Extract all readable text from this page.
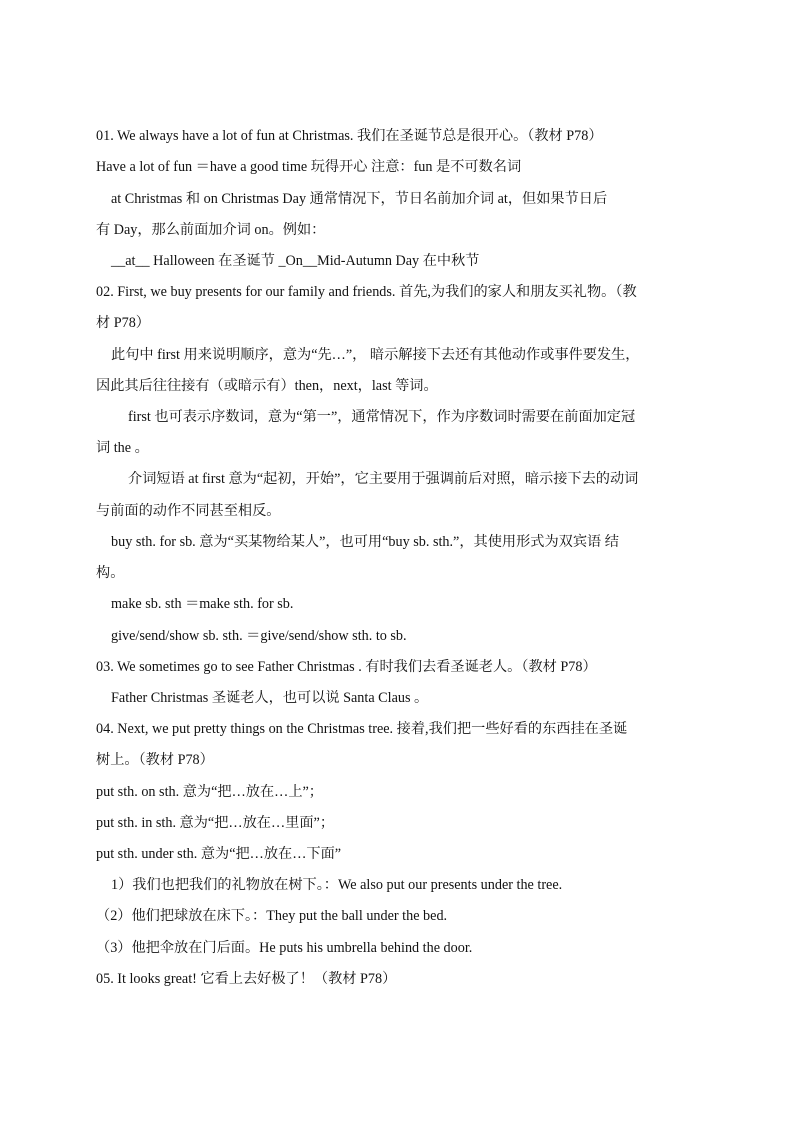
01. We always have a lot of fun at Christmas. 我们在圣诞节总是很开心。（教材 P78）
Have a lot of fun ＝have a good time 玩得开心 注意：fun 是不可数名词
at Christmas 和 on Christmas Day 通常情况下，节日名前加介词 at，但如果节日后
有 Day，那么前面加介词 on。例如：
__at__ Halloween 在圣诞节 _On__Mid-Autumn Day 在中秋节
02. First, we buy presents for our family and friends. 首先,为我们的家人和朋友买礼物。（教
材 P78）
此句中 first 用来说明顺序，意为“先…”， 暗示解接下去还有其他动作或事件要发生，
因此其后往往接有（或暗示有）then，next，last 等词。
first 也可表示序数词，意为“第一”，通常情况下，作为序数词时需要在前面加定冠
词 the 。
介词短语 at first 意为“起初，开始”，它主要用于强调前后对照，暗示接下去的动词
与前面的动作不同甚至相反。
buy sth. for sb. 意为“买某物给某人”，也可用“buy sb. sth.”，其使用形式为双宾语 结
构。
make sb. sth ＝make sth. for sb.
give/send/show sb. sth. ＝give/send/show sth. to sb.
03. We sometimes go to see Father Christmas . 有时我们去看圣诞老人。（教材 P78）
Father Christmas 圣诞老人，也可以说 Santa Claus 。
04. Next, we put pretty things on the Christmas tree. 接着,我们把一些好看的东西挂在圣诞
树上。（教材 P78）
put sth. on sth. 意为“把…放在…上”；
put sth. in sth. 意为“把…放在…里面”；
put sth. under sth. 意为“把…放在…下面”
1）我们也把我们的礼物放在树下。：We also put our presents under the tree.
（2）他们把球放在床下。：They put the ball under the bed.
（3）他把伞放在门后面。He puts his umbrella behind the door.
05. It looks great! 它看上去好极了！（教材 P78）
